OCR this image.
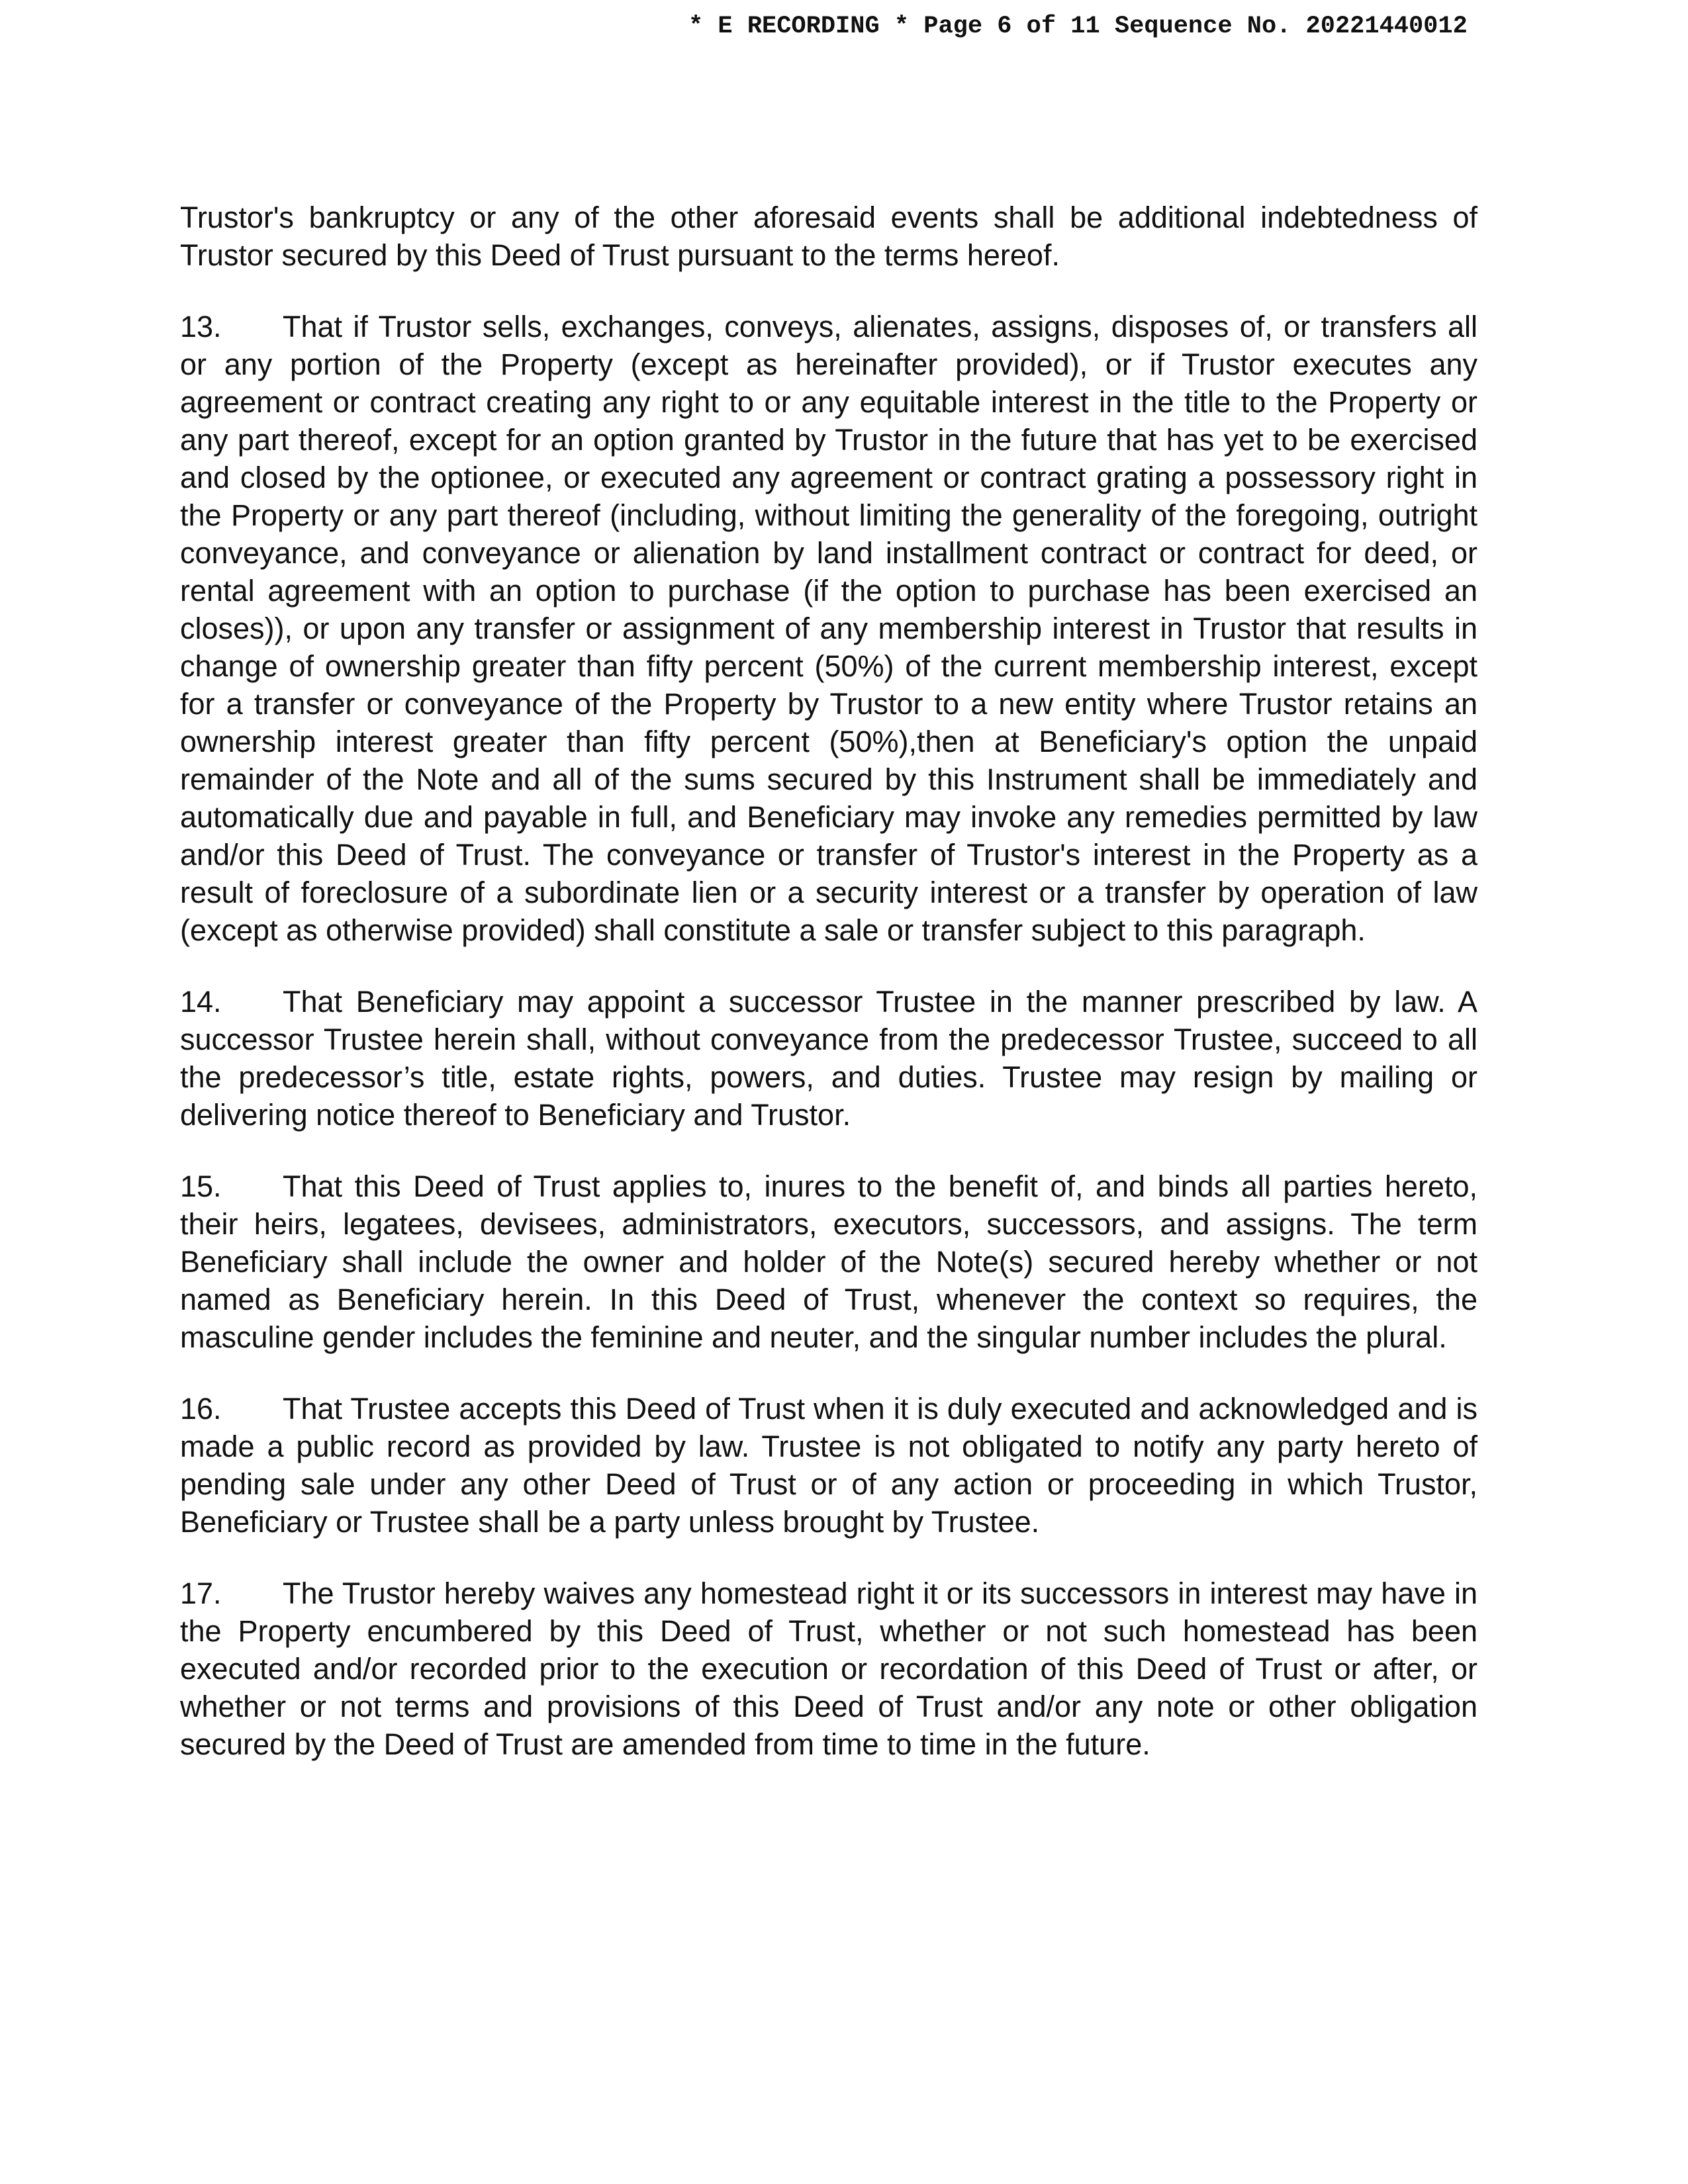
* E RECORDING * Page 6 of 11 Sequence No. 20221440012

Trustor's bankruptcy or any of the other aforesaid events shall be additional indebtedness of Trustor secured by this Deed of Trust pursuant to the terms hereof.

13. That if Trustor sells, exchanges, conveys, alienates, assigns, disposes of, or transfers all or any portion of the Property (except as hereinafter provided), or if Trustor executes any agreement or contract creating any right to or any equitable interest in the title to the Property or any part thereof, except for an option granted by Trustor in the future that has yet to be exercised and closed by the optionee, or executed any agreement or contract grating a possessory right in the Property or any part thereof (including, without limiting the generality of the foregoing, outright conveyance, and conveyance or alienation by land installment contract or contract for deed, or rental agreement with an option to purchase (if the option to purchase has been exercised an closes)), or upon any transfer or assignment of any membership interest in Trustor that results in change of ownership greater than fifty percent (50%) of the current membership interest, except for a transfer or conveyance of the Property by Trustor to a new entity where Trustor retains an ownership interest greater than fifty percent (50%),then at Beneficiary's option the unpaid remainder of the Note and all of the sums secured by this Instrument shall be immediately and automatically due and payable in full, and Beneficiary may invoke any remedies permitted by law and/or this Deed of Trust. The conveyance or transfer of Trustor's interest in the Property as a result of foreclosure of a subordinate lien or a security interest or a transfer by operation of law (except as otherwise provided) shall constitute a sale or transfer subject to this paragraph.

14. That Beneficiary may appoint a successor Trustee in the manner prescribed by law. A successor Trustee herein shall, without conveyance from the predecessor Trustee, succeed to all the predecessor’s title, estate rights, powers, and duties. Trustee may resign by mailing or delivering notice thereof to Beneficiary and Trustor.

15. That this Deed of Trust applies to, inures to the benefit of, and binds all parties hereto, their heirs, legatees, devisees, administrators, executors, successors, and assigns. The term Beneficiary shall include the owner and holder of the Note(s) secured hereby whether or not named as Beneficiary herein. In this Deed of Trust, whenever the context so requires, the masculine gender includes the feminine and neuter, and the singular number includes the plural.

16. That Trustee accepts this Deed of Trust when it is duly executed and acknowledged and is made a public record as provided by law. Trustee is not obligated to notify any party hereto of pending sale under any other Deed of Trust or of any action or proceeding in which Trustor, Beneficiary or Trustee shall be a party unless brought by Trustee.

17. The Trustor hereby waives any homestead right it or its successors in interest may have in the Property encumbered by this Deed of Trust, whether or not such homestead has been executed and/or recorded prior to the execution or recordation of this Deed of Trust or after, or whether or not terms and provisions of this Deed of Trust and/or any note or other obligation secured by the Deed of Trust are amended from time to time in the future.
